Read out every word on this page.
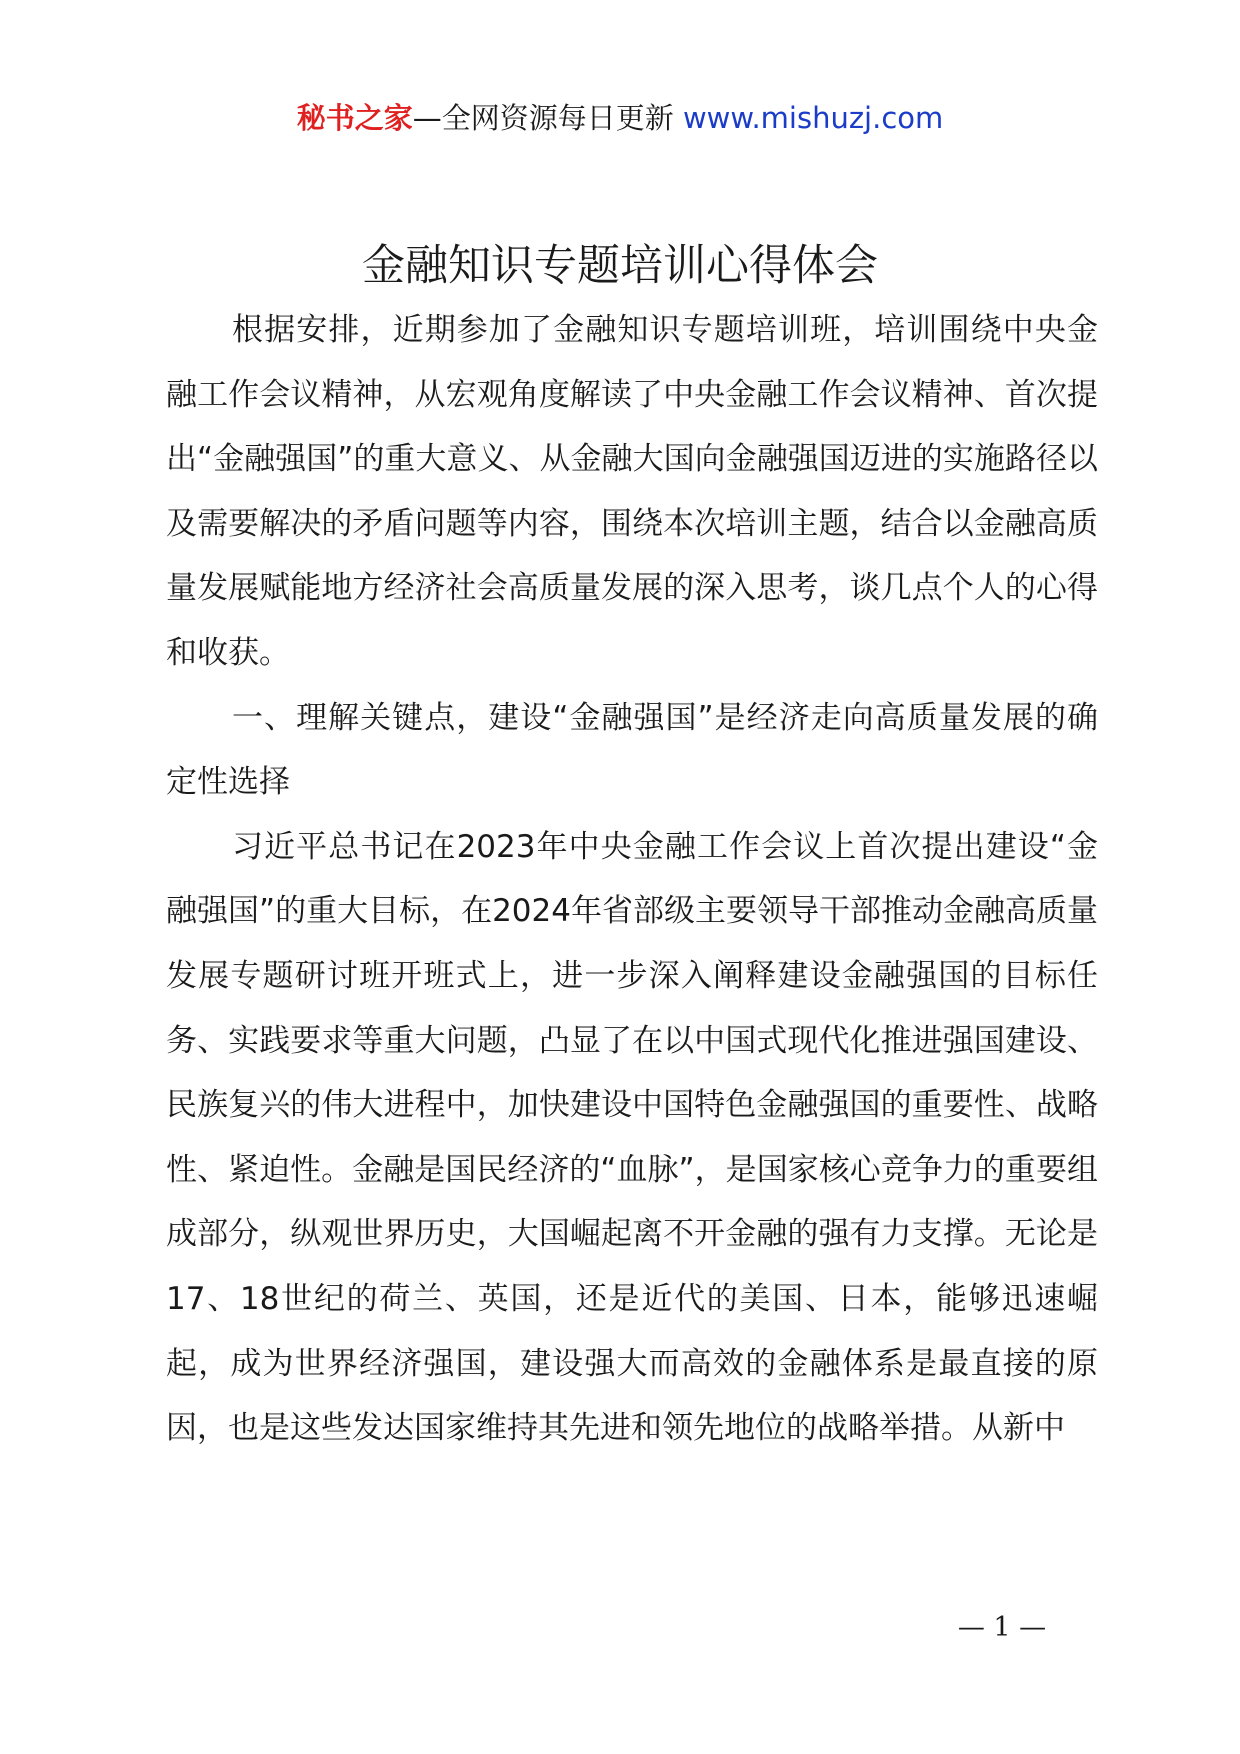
秘书之家—全网资源每日更新 www.mishuzj.com
金融知识专题培训心得体会

根据安排，近期参加了金融知识专题培训班，培训围绕中央金融工作会议精神，从宏观角度解读了中央金融工作会议精神、首次提出“金融强国”的重大意义、从金融大国向金融强国迈进的实施路径以及需要解决的矛盾问题等内容，围绕本次培训主题，结合以金融高质量发展赋能地方经济社会高质量发展的深入思考，谈几点个人的心得和收获。

一、理解关键点，建设“金融强国”是经济走向高质量发展的确定性选择

习近平总书记在2023年中央金融工作会议上首次提出建设“金融强国”的重大目标，在2024年省部级主要领导干部推动金融高质量发展专题研讨班开班式上，进一步深入阐释建设金融强国的目标任务、实践要求等重大问题，凸显了在以中国式现代化推进强国建设、民族复兴的伟大进程中，加快建设中国特色金融强国的重要性、战略性、紧迫性。金融是国民经济的“血脉”，是国家核心竞争力的重要组成部分，纵观世界历史，大国崛起离不开金融的强有力支撑。无论是17、18世纪的荷兰、英国，还是近代的美国、日本，能够迅速崛起，成为世界经济强国，建设强大而高效的金融体系是最直接的原因，也是这些发达国家维持其先进和领先地位的战略举措。从新中

— 1 —
